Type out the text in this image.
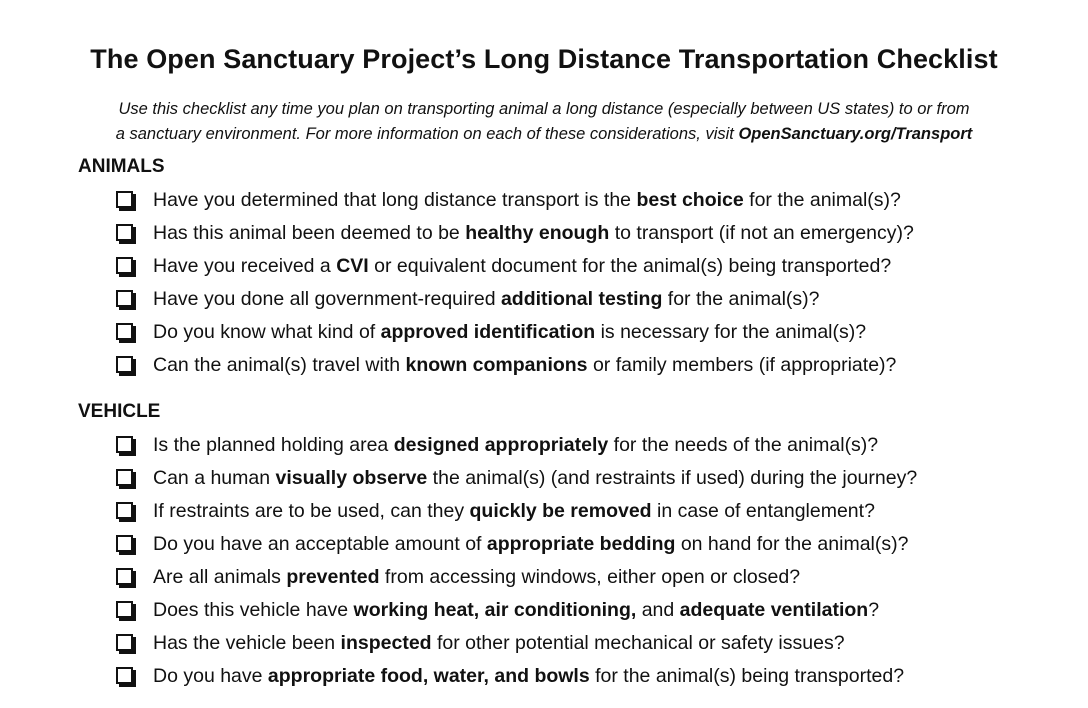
The Open Sanctuary Project’s Long Distance Transportation Checklist

Use this checklist any time you plan on transporting animal a long distance (especially between US states) to or from
a sanctuary environment. For more information on each of these considerations, visit OpenSanctuary.org/Transport

ANIMALS
Have you determined that long distance transport is the best choice for the animal(s)?
Has this animal been deemed to be healthy enough to transport (if not an emergency)?
Have you received a CVI or equivalent document for the animal(s) being transported?
Have you done all government-required additional testing for the animal(s)?
Do you know what kind of approved identification is necessary for the animal(s)?
Can the animal(s) travel with known companions or family members (if appropriate)?
VEHICLE
Is the planned holding area designed appropriately for the needs of the animal(s)?
Can a human visually observe the animal(s) (and restraints if used) during the journey?
If restraints are to be used, can they quickly be removed in case of entanglement?
Do you have an acceptable amount of appropriate bedding on hand for the animal(s)?
Are all animals prevented from accessing windows, either open or closed?
Does this vehicle have working heat, air conditioning, and adequate ventilation?
Has the vehicle been inspected for other potential mechanical or safety issues?
Do you have appropriate food, water, and bowls for the animal(s) being transported?
